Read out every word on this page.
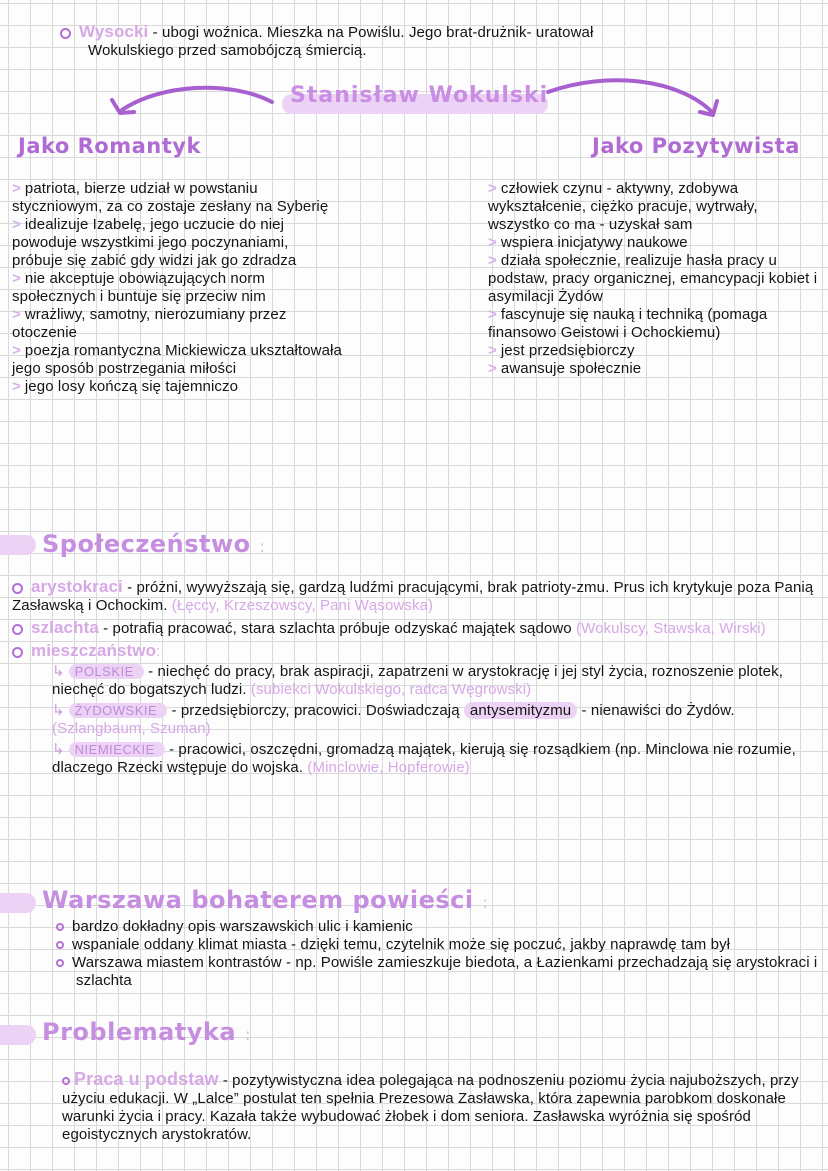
Wysocki - ubogi woźnica. Mieszka na Powiślu. Jego brat-drużnik- uratował

Wokulskiego przed samobójczą śmiercią.

Stanisław Wokulski
Jako Romantyk	Jako Pozytywista

> patriota, bierze udział w powstaniu styczniowym, za co zostaje zesłany na Syberię

> idealizuje Izabelę, jego uczucie do niej powoduje wszystkimi jego poczynaniami, próbuje się zabić gdy widzi jak go zdradza

> nie akceptuje obowiązujących norm społecznych i buntuje się przeciw nim

> wrażliwy, samotny, nierozumiany przez otoczenie

> poezja romantyczna Mickiewicza ukształtowała jego sposób postrzegania miłości

> jego losy kończą się tajemniczo

> człowiek czynu - aktywny, zdobywa wykształcenie, ciężko pracuje, wytrwały, wszystko co ma - uzyskał sam

> wspiera inicjatywy naukowe

> działa społecznie, realizuje hasła pracy u podstaw, pracy organicznej, emancypacji kobiet i asymilacji Żydów

> fascynuje się nauką i techniką (pomaga finansowo Geistowi i Ochockiemu)

> jest przedsiębiorczy

> awansuje społecznie

Społeczeństwo :

arystokraci - próżni, wywyższają się, gardzą ludźmi pracującymi, brak patrioty-zmu. Prus ich krytykuje poza Panią Zasławską i Ochockim. (Łęccy, Krzeszowscy, Pani Wąsowska)

szlachta - potrafią pracować, stara szlachta próbuje odzyskać majątek sądowo (Wokulscy, Stawska, Wirski)

mieszczaństwo:

↳ POLSKIE - niechęć do pracy, brak aspiracji, zapatrzeni w arystokrację i jej styl życia, roznoszenie plotek, niechęć do bogatszych ludzi. (subiekci Wokulskiego, radca Węgrowski)

↳ ŻYDOWSKIE - przedsiębiorczy, pracowici. Doświadczają antysemityzmu - nienawiści do Żydów. (Szlangbaum, Szuman)

↳ NIEMIECKIE - pracowici, oszczędni, gromadzą majątek, kierują się rozsądkiem (np. Minclowa nie rozumie, dlaczego Rzecki wstępuje do wojska. (Minclowie, Hopferowie)

Warszawa bohaterem powieści :

bardzo dokładny opis warszawskich ulic i kamienic

wspaniale oddany klimat miasta - dzięki temu, czytelnik może się poczuć, jakby naprawdę tam był

Warszawa miastem kontrastów - np. Powiśle zamieszkuje biedota, a Łazienkami przechadzają się arystokraci i szlachta

Problematyka :

Praca u podstaw - pozytywistyczna idea polegająca na podnoszeniu poziomu życia najuboższych, przy użyciu edukacji. W „Lalce” postulat ten spełnia Prezesowa Zasławska, która zapewnia parobkom doskonałe warunki życia i pracy. Kazała także wybudować żłobek i dom seniora. Zasławska wyróżnia się spośród egoistycznych arystokratów.
